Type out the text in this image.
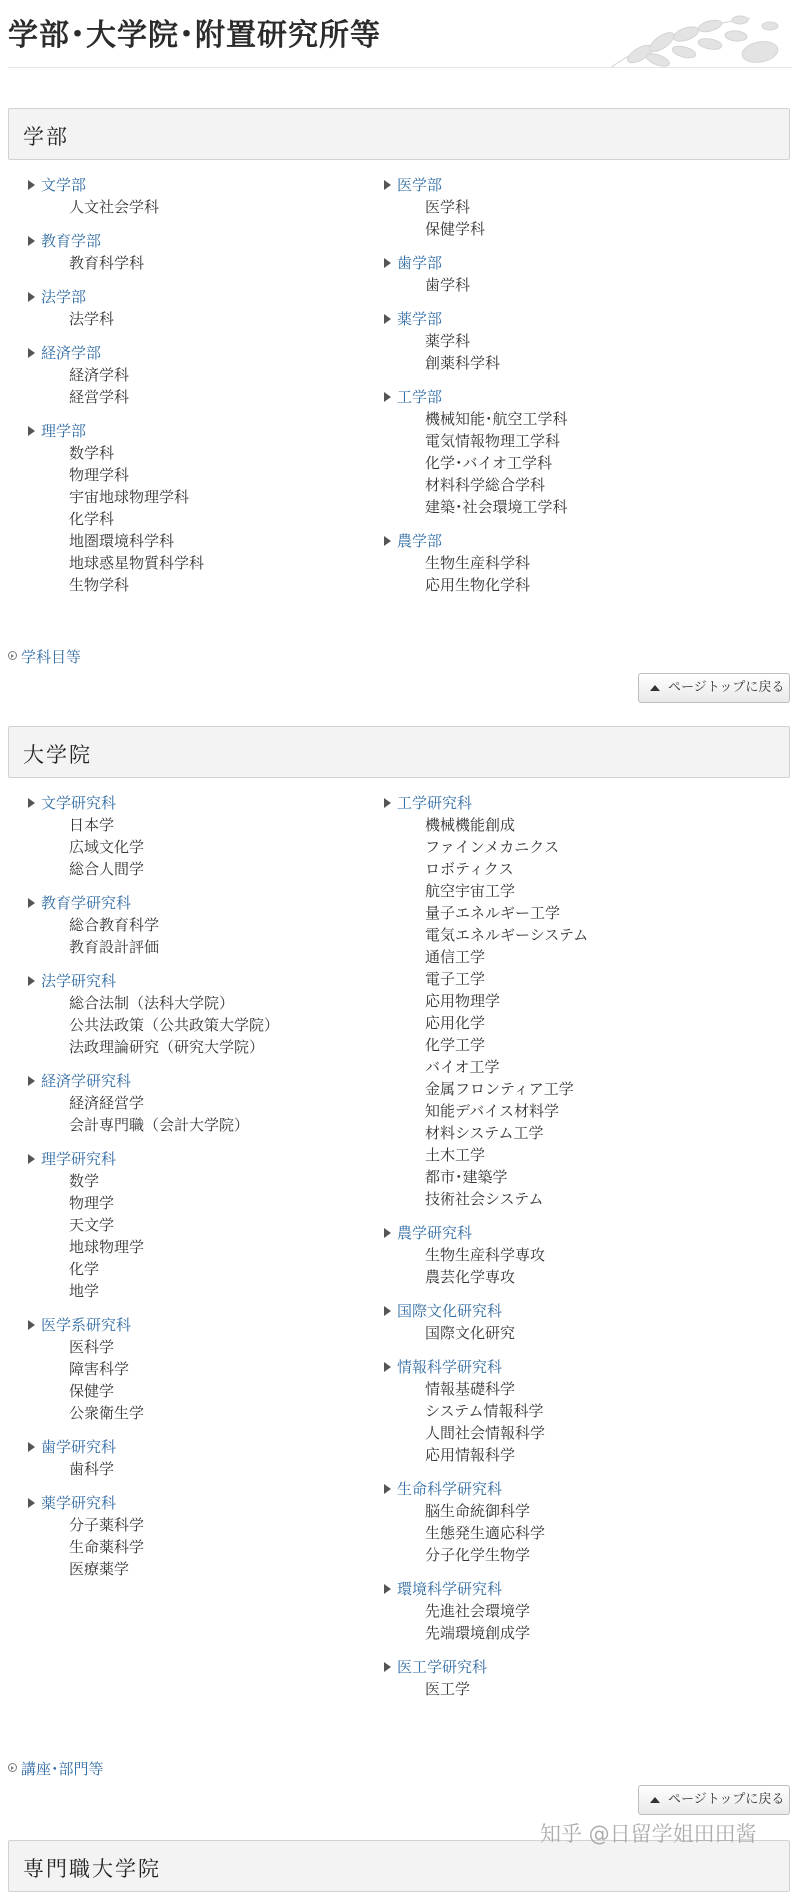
学部･大学院･附置研究所等
学部
文学部
人文社会学科
教育学部
教育科学科
法学部
法学科
経済学部
経済学科
経営学科
理学部
数学科
物理学科
宇宙地球物理学科
化学科
地圏環境科学科
地球惑星物質科学科
生物学科
医学部
医学科
保健学科
歯学部
歯学科
薬学部
薬学科
創薬科学科
工学部
機械知能･航空工学科
電気情報物理工学科
化学･バイオ工学科
材料科学総合学科
建築･社会環境工学科
農学部
生物生産科学科
応用生物化学科
学科目等
ページトップに戻る
大学院
文学研究科
日本学
広域文化学
総合人間学
教育学研究科
総合教育科学
教育設計評価
法学研究科
総合法制（法科大学院）
公共法政策（公共政策大学院）
法政理論研究（研究大学院）
経済学研究科
経済経営学
会計専門職（会計大学院）
理学研究科
数学
物理学
天文学
地球物理学
化学
地学
医学系研究科
医科学
障害科学
保健学
公衆衛生学
歯学研究科
歯科学
薬学研究科
分子薬科学
生命薬科学
医療薬学
工学研究科
機械機能創成
ファインメカニクス
ロボティクス
航空宇宙工学
量子エネルギー工学
電気エネルギーシステム
通信工学
電子工学
応用物理学
応用化学
化学工学
バイオ工学
金属フロンティア工学
知能デバイス材料学
材料システム工学
土木工学
都市･建築学
技術社会システム
農学研究科
生物生産科学専攻
農芸化学専攻
国際文化研究科
国際文化研究
情報科学研究科
情報基礎科学
システム情報科学
人間社会情報科学
応用情報科学
生命科学研究科
脳生命統御科学
生態発生適応科学
分子化学生物学
環境科学研究科
先進社会環境学
先端環境創成学
医工学研究科
医工学
講座･部門等
ページトップに戻る
専門職大学院
知乎 @日留学姐田田酱
